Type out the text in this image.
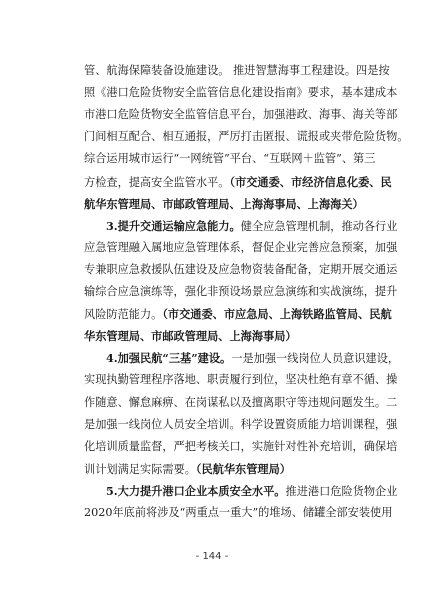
管、航海保障装备设施建设。 推进智慧海事工程建设。四是按
照《港口危险货物安全监管信息化建设指南》要求，基本建成本
市港口危险货物安全监管信息平台，加强港政、海事、海关等部
门间相互配合、相互通报，严厉打击匿报、谎报或夹带危险货物。
综合运用城市运行“一网统管”平台、“互联网＋监管”、第三
方检查，提高安全监管水平。（市交通委、市经济信息化委、民
航华东管理局、市邮政管理局、上海海事局、上海海关）
3.提升交通运输应急能力。健全应急管理机制，推动各行业
应急管理融入属地应急管理体系，督促企业完善应急预案，加强
专兼职应急救援队伍建设及应急物资装备配备，定期开展交通运
输综合应急演练等，强化非预设场景应急演练和实战演练，提升
风险防范能力。（市交通委、市应急局、上海铁路监管局、民航
华东管理局、市邮政管理局、上海海事局）
4.加强民航“三基”建设。一是加强一线岗位人员意识建设，
实现执勤管理程序落地、职责履行到位，坚决杜绝有章不循、操
作随意、懈怠麻痹、在岗谋私以及擅离职守等违规问题发生。二
是加强一线岗位人员安全培训。科学设置资质能力培训课程，强
化培训质量监督，严把考核关口，实施针对性补充培训，确保培
训计划满足实际需要。（民航华东管理局）
5.大力提升港口企业本质安全水平。推进港口危险货物企业
2020年底前将涉及“两重点一重大”的堆场、储罐全部安装使用
- 144 -
